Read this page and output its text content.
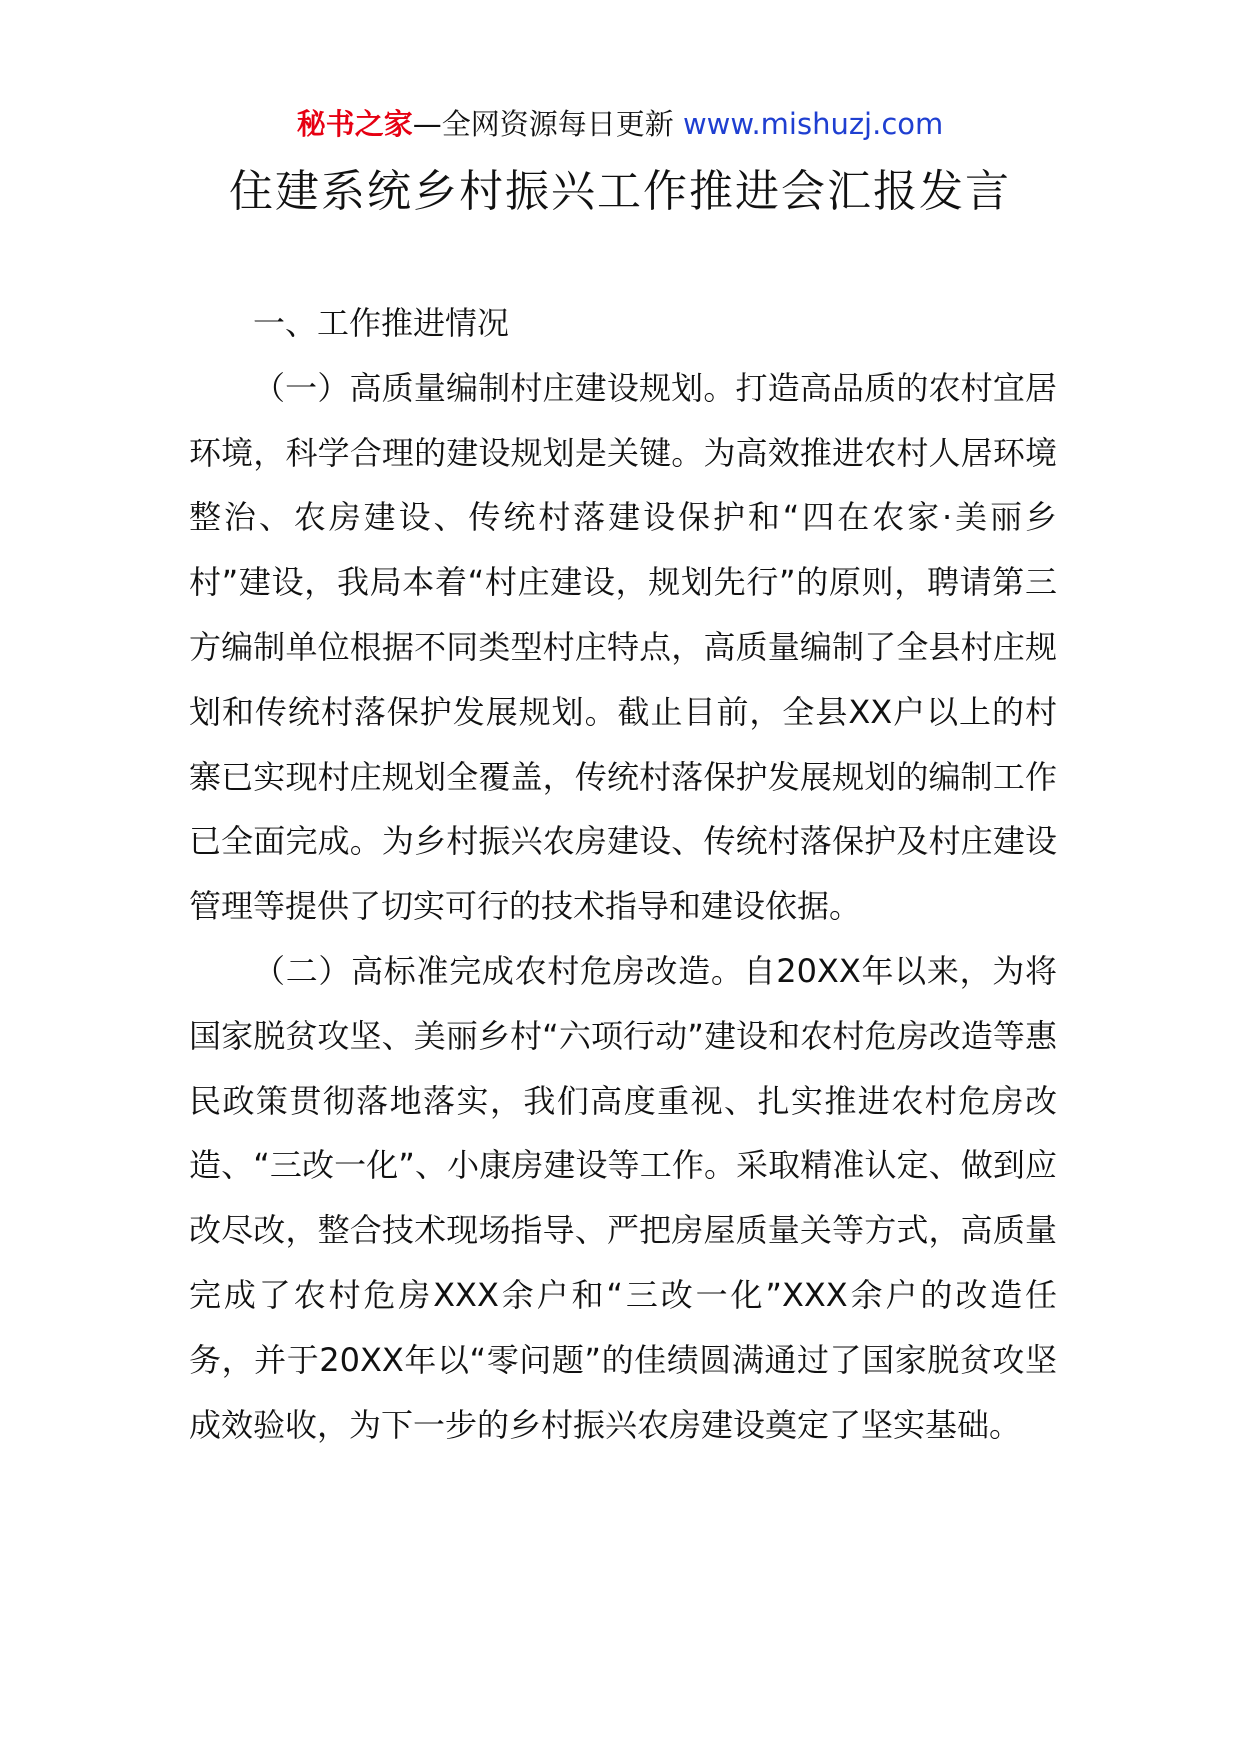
秘书之家—全网资源每日更新 www.mishuzj.com
住建系统乡村振兴工作推进会汇报发言

一、工作推进情况

（一）高质量编制村庄建设规划。打造高品质的农村宜居环境，科学合理的建设规划是关键。为高效推进农村人居环境整治、农房建设、传统村落建设保护和“四在农家·美丽乡村”建设，我局本着“村庄建设，规划先行”的原则，聘请第三方编制单位根据不同类型村庄特点，高质量编制了全县村庄规划和传统村落保护发展规划。截止目前，全县XX户以上的村寨已实现村庄规划全覆盖，传统村落保护发展规划的编制工作已全面完成。为乡村振兴农房建设、传统村落保护及村庄建设管理等提供了切实可行的技术指导和建设依据。

（二）高标准完成农村危房改造。自20XX年以来，为将国家脱贫攻坚、美丽乡村“六项行动”建设和农村危房改造等惠民政策贯彻落地落实，我们高度重视、扎实推进农村危房改造、“三改一化”、小康房建设等工作。采取精准认定、做到应改尽改，整合技术现场指导、严把房屋质量关等方式，高质量完成了农村危房XXX余户和“三改一化”XXX余户的改造任务，并于20XX年以“零问题”的佳绩圆满通过了国家脱贫攻坚成效验收，为下一步的乡村振兴农房建设奠定了坚实基础。
